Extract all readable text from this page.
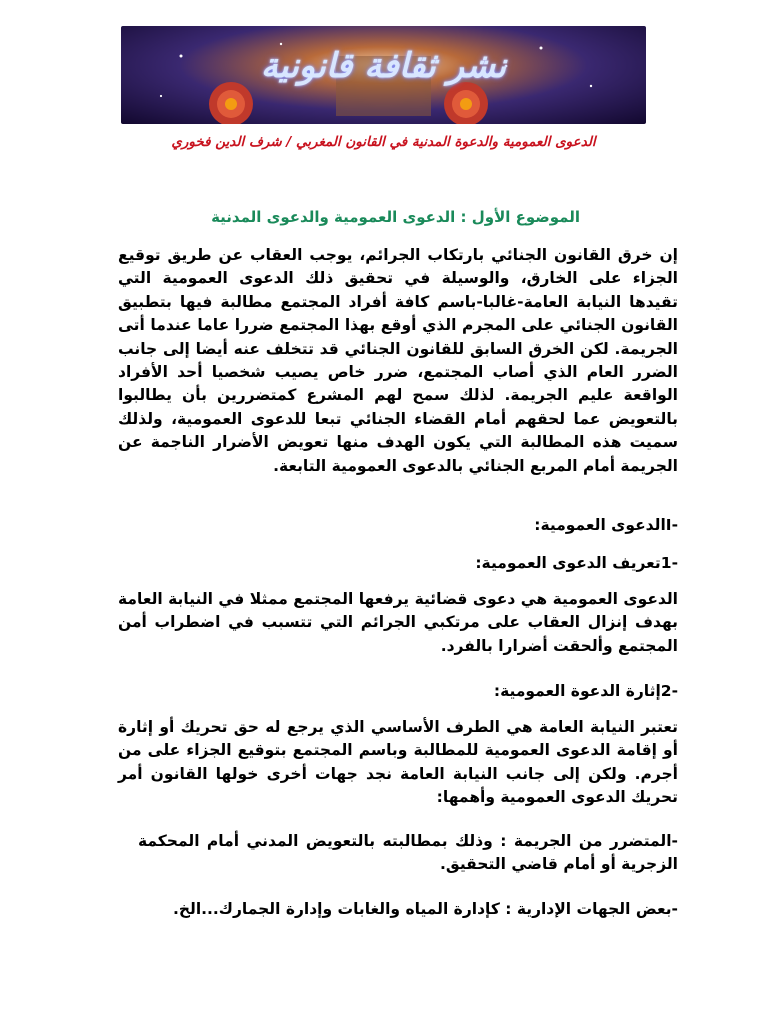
نشر ثقافة قانونية
الدعوى العمومية والدعوة المدنية في القانون المغربي / شرف الدين فخوري
الموضوع الأول : الدعوى العمومية والدعوى المدنية
إن خرق القانون الجنائي بارتكاب الجرائم، يوجب العقاب عن طريق توقيع الجزاء على الخارق، والوسيلة في تحقيق ذلك الدعوى العمومية التي تقيدها النيابة العامة-غالبا-باسم كافة أفراد المجتمع مطالبة فيها بتطبيق القانون الجنائي على المجرم الذي أوقع بهذا المجتمع ضررا عاما عندما أتى الجريمة. لكن الخرق السابق للقانون الجنائي قد تتخلف عنه أيضا إلى جانب الضرر العام الذي أصاب المجتمع، ضرر خاص يصيب شخصيا أحد الأفراد الواقعة عليم الجريمة. لذلك سمح لهم المشرع كمتضررين بأن يطالبوا بالتعويض عما لحقهم أمام القضاء الجنائي تبعا للدعوى العمومية، ولذلك سميت هذه المطالبة التي يكون الهدف منها تعويض الأضرار الناجمة عن الجريمة أمام المربع الجنائي بالدعوى العمومية التابعة.
-Iالدعوى العمومية:
-1تعريف الدعوى العمومية:
الدعوى العمومية هي دعوى قضائية يرفعها المجتمع ممثلا في النيابة العامة بهدف إنزال العقاب على مرتكبي الجرائم التي تتسبب في اضطراب أمن المجتمع وألحقت أضرارا بالفرد.
-2إثارة الدعوة العمومية:
تعتبر النيابة العامة هي الطرف الأساسي الذي يرجع له حق تحريك أو إثارة أو إقامة الدعوى العمومية للمطالبة وباسم المجتمع بتوقيع الجزاء على من أجرم. ولكن إلى جانب النيابة العامة نجد جهات أخرى خولها القانون أمر تحريك الدعوى العمومية وأهمها:
-المتضرر من الجريمة : وذلك بمطالبته بالتعويض المدني أمام المحكمة الزجرية أو أمام قاضي التحقيق.
-بعض الجهات الإدارية : كإدارة المياه والغابات وإدارة الجمارك...الخ.
